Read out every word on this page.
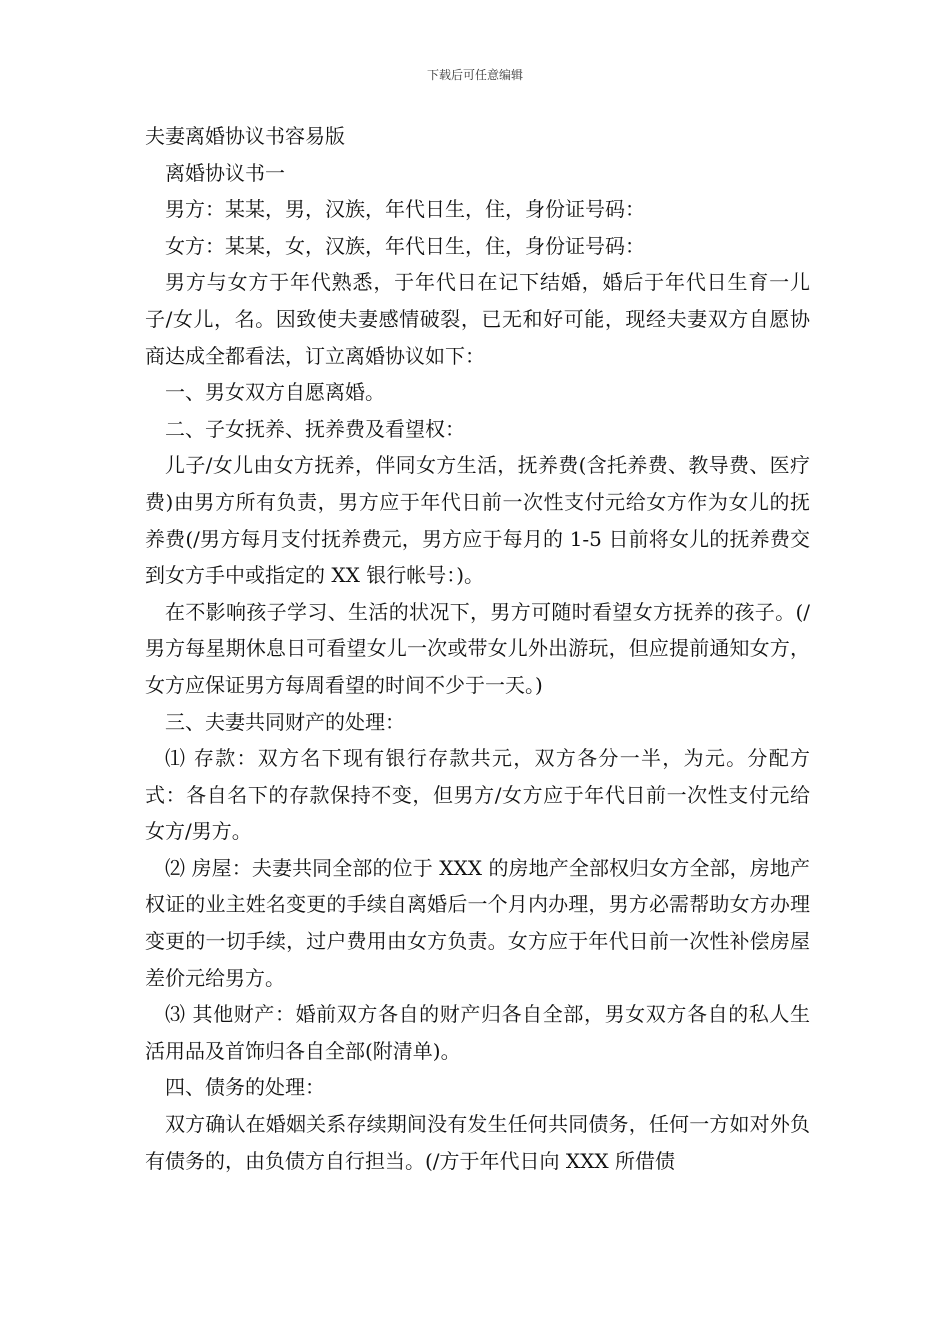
下载后可任意编辑

夫妻离婚协议书容易版

离婚协议书一

男方：某某，男，汉族，年代日生，住，身份证号码：

女方：某某，女，汉族，年代日生，住，身份证号码：

男方与女方于年代熟悉，于年代日在记下结婚，婚后于年代日生育一儿子/女儿，名。因致使夫妻感情破裂，已无和好可能，现经夫妻双方自愿协商达成全都看法，订立离婚协议如下：

一、男女双方自愿离婚。

二、子女抚养、抚养费及看望权：

儿子/女儿由女方抚养，伴同女方生活，抚养费(含托养费、教导费、医疗费)由男方所有负责，男方应于年代日前一次性支付元给女方作为女儿的抚养费(/男方每月支付抚养费元，男方应于每月的 1-5 日前将女儿的抚养费交到女方手中或指定的 XX 银行帐号：)。

在不影响孩子学习、生活的状况下，男方可随时看望女方抚养的孩子。(/男方每星期休息日可看望女儿一次或带女儿外出游玩，但应提前通知女方，女方应保证男方每周看望的时间不少于一天。)

三、夫妻共同财产的处理：

⑴ 存款：双方名下现有银行存款共元，双方各分一半，为元。分配方式：各自名下的存款保持不变，但男方/女方应于年代日前一次性支付元给女方/男方。

⑵ 房屋：夫妻共同全部的位于 XXX 的房地产全部权归女方全部，房地产权证的业主姓名变更的手续自离婚后一个月内办理，男方必需帮助女方办理变更的一切手续，过户费用由女方负责。女方应于年代日前一次性补偿房屋差价元给男方。

⑶ 其他财产：婚前双方各自的财产归各自全部，男女双方各自的私人生活用品及首饰归各自全部(附清单)。

四、债务的处理：

双方确认在婚姻关系存续期间没有发生任何共同债务，任何一方如对外负有债务的，由负债方自行担当。(/方于年代日向 XXX 所借债
